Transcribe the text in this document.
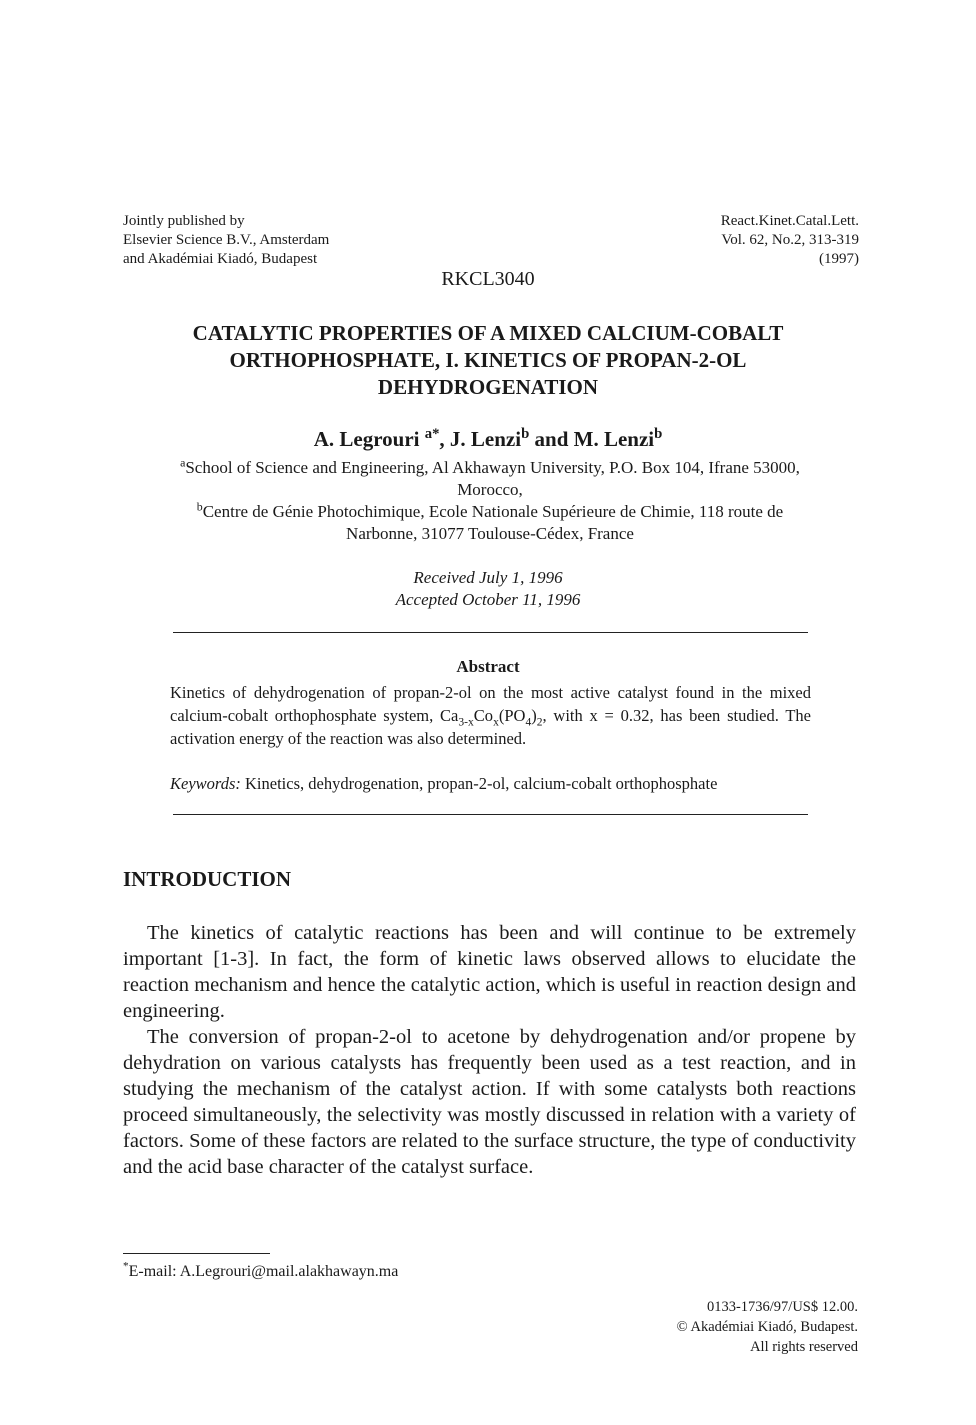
Jointly published by
Elsevier Science B.V., Amsterdam
and Akadémiai Kiadó, Budapest
React.Kinet.Catal.Lett.
Vol. 62, No.2, 313-319
(1997)
RKCL3040
CATALYTIC PROPERTIES OF A MIXED CALCIUM-COBALT
ORTHOPHOSPHATE, I. KINETICS OF PROPAN-2-OL
DEHYDROGENATION
A. Legrouri $^{a*}$, J. Lenzi$^b$ and M. Lenzi$^b$
$^a$School of Science and Engineering, Al Akhawayn University, P.O. Box 104, Ifrane 53000,
Morocco,
$^b$Centre de Génie Photochimique, Ecole Nationale Supérieure de Chimie, 118 route de
Narbonne, 31077 Toulouse-Cédex, France
Received July 1, 1996
Accepted October 11, 1996
Abstract
Kinetics of dehydrogenation of propan-2-ol on the most active catalyst found in the mixed calcium-cobalt orthophosphate system, $Ca_{3-x}Co_x(PO_4)_2$, with x = 0.32, has been studied. The activation energy of the reaction was also determined.
Keywords: Kinetics, dehydrogenation, propan-2-ol, calcium-cobalt orthophosphate
INTRODUCTION

The kinetics of catalytic reactions has been and will continue to be extremely important [1-3]. In fact, the form of kinetic laws observed allows to elucidate the reaction mechanism and hence the catalytic action, which is useful in reaction design and engineering.

The conversion of propan-2-ol to acetone by dehydrogenation and/or propene by dehydration on various catalysts has frequently been used as a test reaction, and in studying the mechanism of the catalyst action. If with some catalysts both reactions proceed simultaneously, the selectivity was mostly discussed in relation with a variety of factors. Some of these factors are related to the surface structure, the type of conductivity and the acid base character of the catalyst surface.

*E-mail: A.Legrouri@mail.alakhawayn.ma
0133-1736/97/US$ 12.00.
© Akadémiai Kiadó, Budapest.
All rights reserved
